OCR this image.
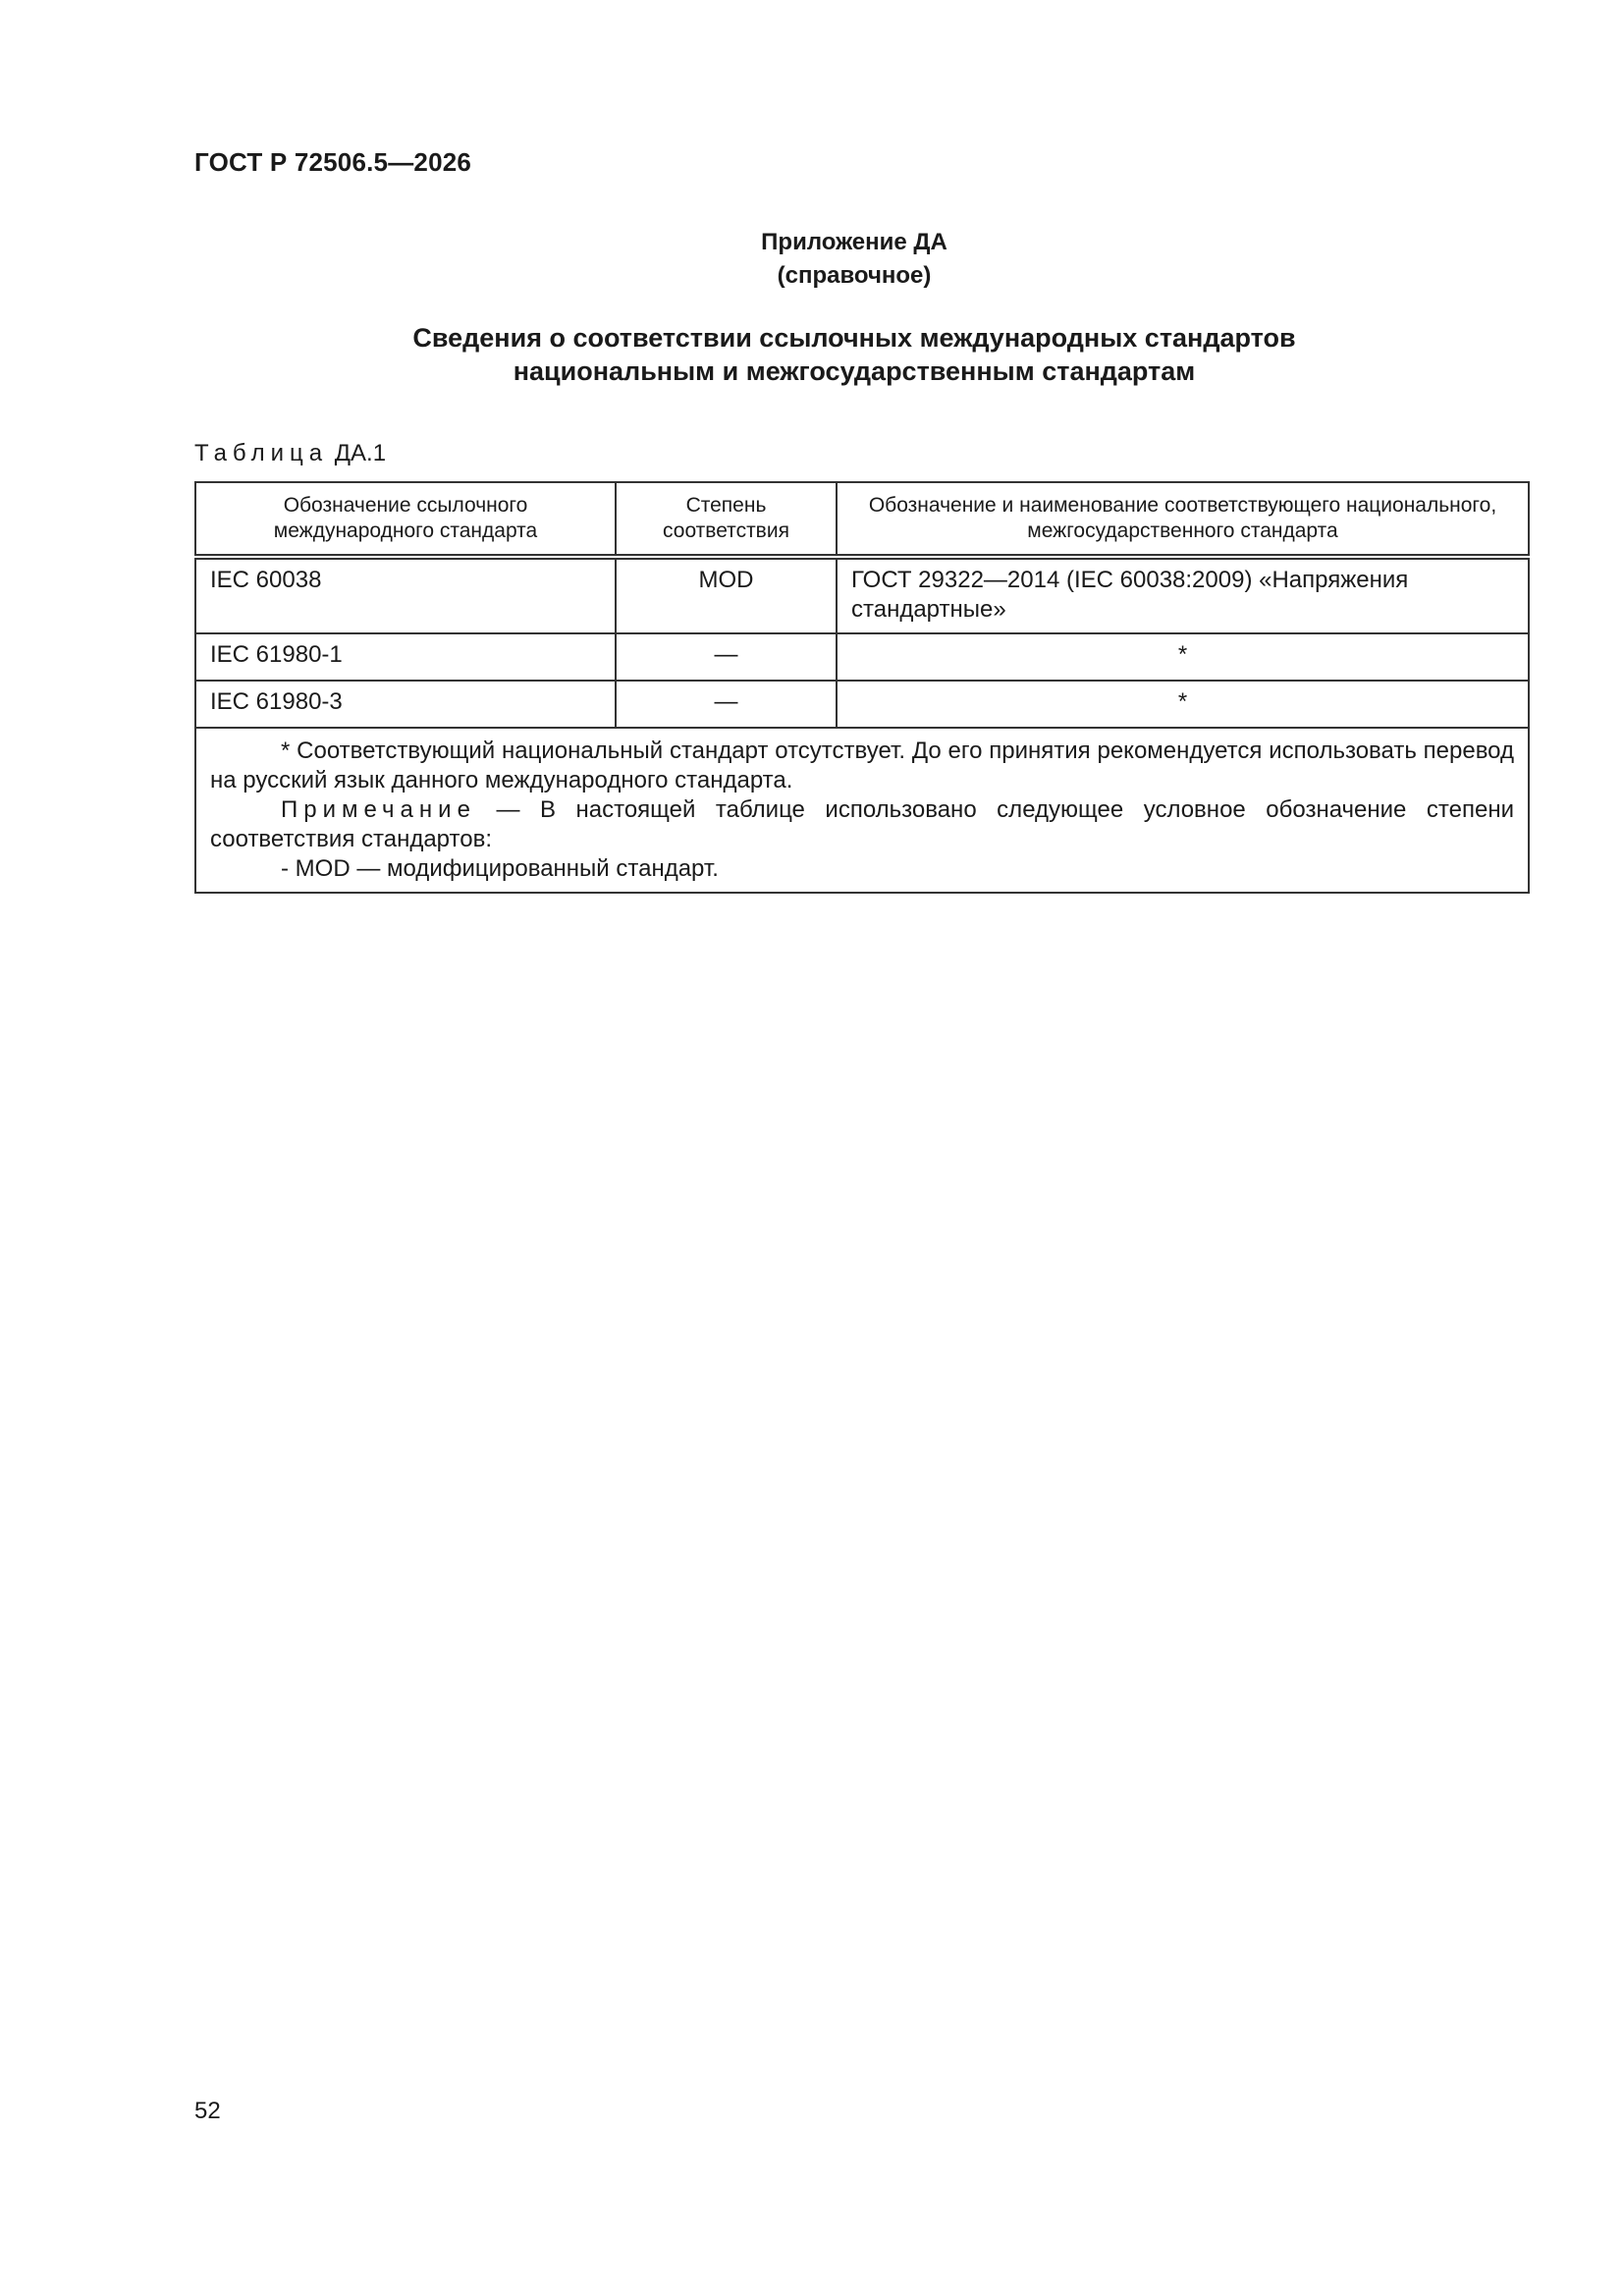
ГОСТ Р 72506.5—2026
Приложение ДА
(справочное)
Сведения о соответствии ссылочных международных стандартов
национальным и межгосударственным стандартам
Таблица ДА.1
Обозначение ссылочного международного стандарта	Степень соответствия	Обозначение и наименование соответствующего национального, межгосударственного стандарта
IEC 60038	MOD	ГОСТ 29322—2014 (IEC 60038:2009) «Напряжения стандартные»
IEC 61980-1	—	*
IEC 61980-3	—	*

* Соответствующий национальный стандарт отсутствует. До его принятия рекомендуется использовать перевод на русский язык данного международного стандарта.

Примечание — В настоящей таблице использовано следующее условное обозначение степени соответствия стандартов:

- MOD — модифицированный стандарт.		

52
